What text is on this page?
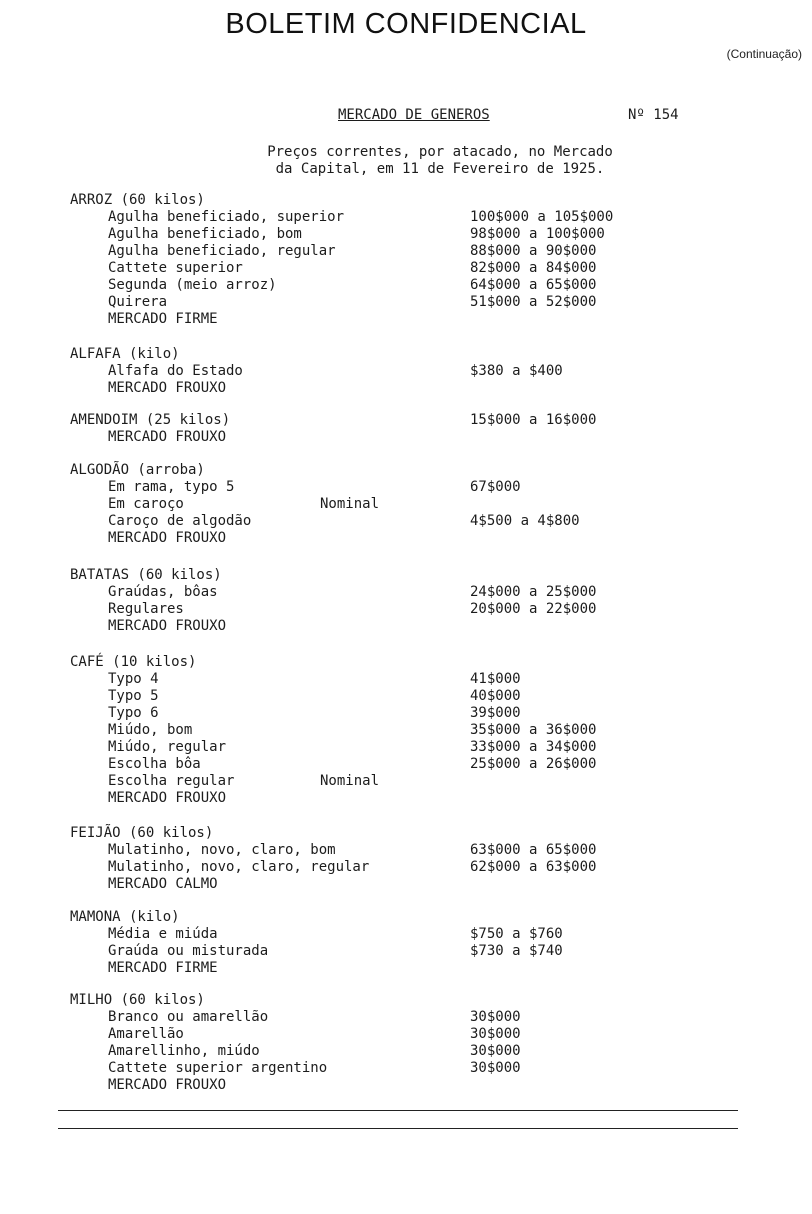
BOLETIM CONFIDENCIAL
(Continuação)
MERCADO DE GENEROS	Nº 154
Preços correntes, por atacado, no Mercado
da Capital, em 11 de Fevereiro de 1925.
ARROZ (60 kilos)
Agulha beneficiado, superior	100$000 a 105$000
Agulha beneficiado, bom	98$000 a 100$000
Agulha beneficiado, regular	88$000 a 90$000
Cattete superior	82$000 a 84$000
Segunda (meio arroz)	64$000 a 65$000
Quirera	51$000 a 52$000
MERCADO FIRME
ALFAFA (kilo)
Alfafa do Estado	$380 a $400
MERCADO FROUXO
AMENDOIM (25 kilos)	15$000 a 16$000
MERCADO FROUXO
ALGODÃO (arroba)
Em rama, typo 5	67$000
Em caroço	Nominal
Caroço de algodão	4$500 a 4$800
MERCADO FROUXO
BATATAS (60 kilos)
Graúdas, bôas	24$000 a 25$000
Regulares	20$000 a 22$000
MERCADO FROUXO
CAFÉ (10 kilos)
Typo 4	41$000
Typo 5	40$000
Typo 6	39$000
Miúdo, bom	35$000 a 36$000
Miúdo, regular	33$000 a 34$000
Escolha bôa	25$000 a 26$000
Escolha regular	Nominal
MERCADO FROUXO
FEIJÃO (60 kilos)
Mulatinho, novo, claro, bom	63$000 a 65$000
Mulatinho, novo, claro, regular	62$000 a 63$000
MERCADO CALMO
MAMONA (kilo)
Média e miúda	$750 a $760
Graúda ou misturada	$730 a $740
MERCADO FIRME
MILHO (60 kilos)
Branco ou amarellão	30$000
Amarellão	30$000
Amarellinho, miúdo	30$000
Cattete superior argentino	30$000
MERCADO FROUXO
